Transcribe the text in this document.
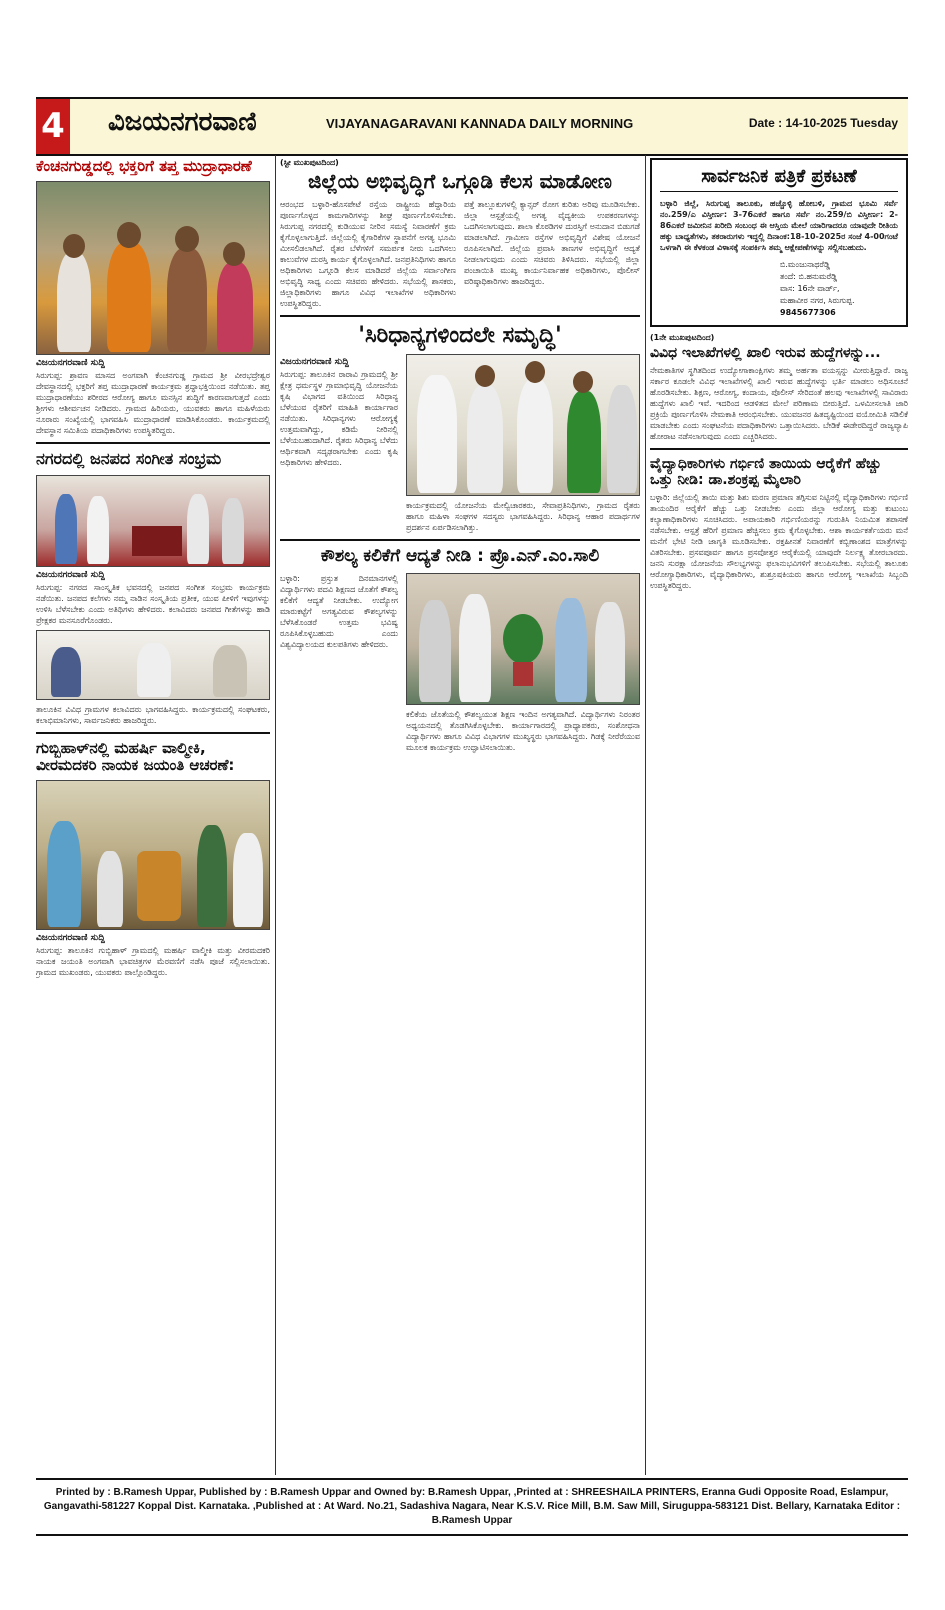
4 ವಿಜಯನಗರವಾಣಿ	VIJAYANAGARAVANI KANNADA DAILY MORNING	Date : 14-10-2025 Tuesday
ಕೆಂಚನಗುಡ್ಡದಲ್ಲಿ ಭಕ್ತರಿಗೆ ತಪ್ತ ಮುದ್ರಾಧಾರಣೆ
ವಿಜಯನಗರವಾಣಿ ಸುದ್ದಿ
ಸಿರುಗುಪ್ಪ: ಶ್ರಾವಣ ಮಾಸದ ಅಂಗವಾಗಿ ಕೆಂಚನಗುಡ್ಡ ಗ್ರಾಮದ ಶ್ರೀ ವೀರಭದ್ರೇಶ್ವರ ದೇವಸ್ಥಾನದಲ್ಲಿ ಭಕ್ತರಿಗೆ ತಪ್ತ ಮುದ್ರಾಧಾರಣೆ ಕಾರ್ಯಕ್ರಮ ಶ್ರದ್ಧಾಭಕ್ತಿಯಿಂದ ನಡೆಯಿತು. ತಪ್ತ ಮುದ್ರಾಧಾರಣೆಯು ಶರೀರದ ಆರೋಗ್ಯ ಹಾಗೂ ಮನಸ್ಸಿನ ಶುದ್ಧಿಗೆ ಕಾರಣವಾಗುತ್ತದೆ ಎಂದು ಶ್ರೀಗಳು ಆಶೀರ್ವಚನ ನೀಡಿದರು. ಗ್ರಾಮದ ಹಿರಿಯರು, ಯುವಕರು ಹಾಗೂ ಮಹಿಳೆಯರು ನೂರಾರು ಸಂಖ್ಯೆಯಲ್ಲಿ ಭಾಗವಹಿಸಿ ಮುದ್ರಾಧಾರಣೆ ಮಾಡಿಸಿಕೊಂಡರು. ಕಾರ್ಯಕ್ರಮದಲ್ಲಿ ದೇವಸ್ಥಾನ ಸಮಿತಿಯ ಪದಾಧಿಕಾರಿಗಳು ಉಪಸ್ಥಿತರಿದ್ದರು.
ನಗರದಲ್ಲಿ ಜನಪದ ಸಂಗೀತ ಸಂಭ್ರಮ
ವಿಜಯನಗರವಾಣಿ ಸುದ್ದಿ
ಸಿರುಗುಪ್ಪ: ನಗರದ ಸಾಂಸ್ಕೃತಿಕ ಭವನದಲ್ಲಿ ಜನಪದ ಸಂಗೀತ ಸಂಭ್ರಮ ಕಾರ್ಯಕ್ರಮ ನಡೆಯಿತು. ಜನಪದ ಕಲೆಗಳು ನಮ್ಮ ನಾಡಿನ ಸಂಸ್ಕೃತಿಯ ಪ್ರತೀಕ, ಯುವ ಪೀಳಿಗೆ ಇವುಗಳನ್ನು ಉಳಿಸಿ ಬೆಳೆಸಬೇಕು ಎಂದು ಅತಿಥಿಗಳು ಹೇಳಿದರು. ಕಲಾವಿದರು ಜನಪದ ಗೀತೆಗಳನ್ನು ಹಾಡಿ ಪ್ರೇಕ್ಷಕರ ಮನಸೂರೆಗೊಂಡರು.
ತಾಲೂಕಿನ ವಿವಿಧ ಗ್ರಾಮಗಳ ಕಲಾವಿದರು ಭಾಗವಹಿಸಿದ್ದರು. ಕಾರ್ಯಕ್ರಮದಲ್ಲಿ ಸಂಘಟಕರು, ಕಲಾಭಿಮಾನಿಗಳು, ಸಾರ್ವಜನಿಕರು ಹಾಜರಿದ್ದರು.
ಗುಬ್ಬಿಹಾಳ್‌ನಲ್ಲಿ ಮಹರ್ಷಿ ವಾಲ್ಮೀಕಿ, ವೀರಮದಕರಿ ನಾಯಕ ಜಯಂತಿ ಆಚರಣೆ:
ವಿಜಯನಗರವಾಣಿ ಸುದ್ದಿ
ಸಿರುಗುಪ್ಪ: ತಾಲೂಕಿನ ಗುಬ್ಬಿಹಾಳ್ ಗ್ರಾಮದಲ್ಲಿ ಮಹರ್ಷಿ ವಾಲ್ಮೀಕಿ ಮತ್ತು ವೀರಮದಕರಿ ನಾಯಕ ಜಯಂತಿ ಅಂಗವಾಗಿ ಭಾವಚಿತ್ರಗಳ ಮೆರವಣಿಗೆ ನಡೆಸಿ ಪೂಜೆ ಸಲ್ಲಿಸಲಾಯಿತು. ಗ್ರಾಮದ ಮುಖಂಡರು, ಯುವಕರು ಪಾಲ್ಗೊಂಡಿದ್ದರು.
(ಸ್ಟೀ ಮುಖಪುಟದಿಂದ)
ಜಿಲ್ಲೆಯ ಅಭಿವೃದ್ಧಿಗೆ ಒಗ್ಗೂಡಿ ಕೆಲಸ ಮಾಡೋಣ
ಆರಂಭದ ಬಳ್ಳಾರಿ-ಹೊಸಪೇಟೆ ರಸ್ತೆಯ ರಾಷ್ಟ್ರೀಯ ಹೆದ್ದಾರಿಯ ಪೂರ್ಣಗೊಳ್ಳದ ಕಾಮಗಾರಿಗಳನ್ನು ಶೀಘ್ರ ಪೂರ್ಣಗೊಳಿಸಬೇಕು. ಸಿರುಗುಪ್ಪ ನಗರದಲ್ಲಿ ಕುಡಿಯುವ ನೀರಿನ ಸಮಸ್ಯೆ ನಿವಾರಣೆಗೆ ಕ್ರಮ ಕೈಗೊಳ್ಳಲಾಗುತ್ತಿದೆ. ಜಿಲ್ಲೆಯಲ್ಲಿ ಕೈಗಾರಿಕೆಗಳ ಸ್ಥಾಪನೆಗೆ ಅಗತ್ಯ ಭೂಮಿ ಮೀಸಲಿಡಲಾಗಿದೆ. ರೈತರ ಬೆಳೆಗಳಿಗೆ ಸಮರ್ಪಕ ನೀರು ಒದಗಿಸಲು ಕಾಲುವೆಗಳ ದುರಸ್ತಿ ಕಾರ್ಯ ಕೈಗೊಳ್ಳಲಾಗಿದೆ. ಜನಪ್ರತಿನಿಧಿಗಳು ಹಾಗೂ ಅಧಿಕಾರಿಗಳು ಒಗ್ಗೂಡಿ ಕೆಲಸ ಮಾಡಿದರೆ ಜಿಲ್ಲೆಯ ಸರ್ವಾಂಗೀಣ ಅಭಿವೃದ್ಧಿ ಸಾಧ್ಯ ಎಂದು ಸಚಿವರು ಹೇಳಿದರು. ಸಭೆಯಲ್ಲಿ ಶಾಸಕರು, ಜಿಲ್ಲಾಧಿಕಾರಿಗಳು ಹಾಗೂ ವಿವಿಧ ಇಲಾಖೆಗಳ ಅಧಿಕಾರಿಗಳು ಉಪಸ್ಥಿತರಿದ್ದರು.
ಪತ್ತೆ ತಾಲ್ಲೂಕುಗಳಲ್ಲಿ ಕ್ಯಾನ್ಸರ್ ರೋಗ ಕುರಿತು ಅರಿವು ಮೂಡಿಸಬೇಕು. ಜಿಲ್ಲಾ ಆಸ್ಪತ್ರೆಯಲ್ಲಿ ಅಗತ್ಯ ವೈದ್ಯಕೀಯ ಉಪಕರಣಗಳನ್ನು ಒದಗಿಸಲಾಗುವುದು. ಶಾಲಾ ಕೊಠಡಿಗಳ ದುರಸ್ತಿಗೆ ಅನುದಾನ ಬಿಡುಗಡೆ ಮಾಡಲಾಗಿದೆ. ಗ್ರಾಮೀಣ ರಸ್ತೆಗಳ ಅಭಿವೃದ್ಧಿಗೆ ವಿಶೇಷ ಯೋಜನೆ ರೂಪಿಸಲಾಗಿದೆ. ಜಿಲ್ಲೆಯ ಪ್ರವಾಸಿ ತಾಣಗಳ ಅಭಿವೃದ್ಧಿಗೆ ಆದ್ಯತೆ ನೀಡಲಾಗುವುದು ಎಂದು ಸಚಿವರು ತಿಳಿಸಿದರು. ಸಭೆಯಲ್ಲಿ ಜಿಲ್ಲಾ ಪಂಚಾಯಿತಿ ಮುಖ್ಯ ಕಾರ್ಯನಿರ್ವಾಹಕ ಅಧಿಕಾರಿಗಳು, ಪೊಲೀಸ್ ವರಿಷ್ಠಾಧಿಕಾರಿಗಳು ಹಾಜರಿದ್ದರು.
'ಸಿರಿಧಾನ್ಯಗಳಿಂದಲೇ ಸಮೃದ್ಧಿ'
ವಿಜಯನಗರವಾಣಿ ಸುದ್ದಿ
ಸಿರುಗುಪ್ಪ: ತಾಲೂಕಿನ ರಾರಾವಿ ಗ್ರಾಮದಲ್ಲಿ ಶ್ರೀ ಕ್ಷೇತ್ರ ಧರ್ಮಸ್ಥಳ ಗ್ರಾಮಾಭಿವೃದ್ಧಿ ಯೋಜನೆಯ ಕೃಷಿ ವಿಭಾಗದ ವತಿಯಿಂದ ಸಿರಿಧಾನ್ಯ ಬೆಳೆಯುವ ರೈತರಿಗೆ ಮಾಹಿತಿ ಕಾರ್ಯಾಗಾರ ನಡೆಯಿತು. ಸಿರಿಧಾನ್ಯಗಳು ಆರೋಗ್ಯಕ್ಕೆ ಉತ್ತಮವಾಗಿದ್ದು, ಕಡಿಮೆ ನೀರಿನಲ್ಲಿ ಬೆಳೆಯಬಹುದಾಗಿದೆ. ರೈತರು ಸಿರಿಧಾನ್ಯ ಬೆಳೆದು ಆರ್ಥಿಕವಾಗಿ ಸದೃಢರಾಗಬೇಕು ಎಂದು ಕೃಷಿ ಅಧಿಕಾರಿಗಳು ಹೇಳಿದರು.
ಕಾರ್ಯಕ್ರಮದಲ್ಲಿ ಯೋಜನೆಯ ಮೇಲ್ವಿಚಾರಕರು, ಸೇವಾಪ್ರತಿನಿಧಿಗಳು, ಗ್ರಾಮದ ರೈತರು ಹಾಗೂ ಮಹಿಳಾ ಸಂಘಗಳ ಸದಸ್ಯರು ಭಾಗವಹಿಸಿದ್ದರು. ಸಿರಿಧಾನ್ಯ ಆಹಾರ ಪದಾರ್ಥಗಳ ಪ್ರದರ್ಶನ ಏರ್ಪಡಿಸಲಾಗಿತ್ತು.
ಕೌಶಲ್ಯ ಕಲಿಕೆಗೆ ಆದ್ಯತೆ ನೀಡಿ : ಪ್ರೊ.ಎನ್.ಎಂ.ಸಾಲಿ
ಬಳ್ಳಾರಿ: ಪ್ರಸ್ತುತ ದಿನಮಾನಗಳಲ್ಲಿ ವಿದ್ಯಾರ್ಥಿಗಳು ಪದವಿ ಶಿಕ್ಷಣದ ಜೊತೆಗೆ ಕೌಶಲ್ಯ ಕಲಿಕೆಗೆ ಆದ್ಯತೆ ನೀಡಬೇಕು. ಉದ್ಯೋಗ ಮಾರುಕಟ್ಟೆಗೆ ಅಗತ್ಯವಿರುವ ಕೌಶಲ್ಯಗಳನ್ನು ಬೆಳೆಸಿಕೊಂಡರೆ ಉತ್ತಮ ಭವಿಷ್ಯ ರೂಪಿಸಿಕೊಳ್ಳಬಹುದು ಎಂದು ವಿಶ್ವವಿದ್ಯಾಲಯದ ಕುಲಪತಿಗಳು ಹೇಳಿದರು.
ಕಲಿಕೆಯ ಜೊತೆಯಲ್ಲಿ ಕೌಶಲ್ಯಯುತ ಶಿಕ್ಷಣ ಇಂದಿನ ಅಗತ್ಯವಾಗಿದೆ. ವಿದ್ಯಾರ್ಥಿಗಳು ನಿರಂತರ ಅಧ್ಯಯನದಲ್ಲಿ ತೊಡಗಿಸಿಕೊಳ್ಳಬೇಕು. ಕಾರ್ಯಾಗಾರದಲ್ಲಿ ಪ್ರಾಧ್ಯಾಪಕರು, ಸಂಶೋಧನಾ ವಿದ್ಯಾರ್ಥಿಗಳು ಹಾಗೂ ವಿವಿಧ ವಿಭಾಗಗಳ ಮುಖ್ಯಸ್ಥರು ಭಾಗವಹಿಸಿದ್ದರು. ಗಿಡಕ್ಕೆ ನೀರೆರೆಯುವ ಮೂಲಕ ಕಾರ್ಯಕ್ರಮ ಉದ್ಘಾಟಿಸಲಾಯಿತು.
ಸಾರ್ವಜನಿಕ ಪತ್ರಿಕೆ ಪ್ರಕಟಣೆ
ಬಳ್ಳಾರಿ ಜಿಲ್ಲೆ, ಸಿರುಗುಪ್ಪ ತಾಲೂಕು, ಹಚ್ಚೊಳ್ಳಿ ಹೋಬಳಿ, ಗ್ರಾಮದ ಭೂಮಿ ಸರ್ವೆ ನಂ.259/ಎ ವಿಸ್ತೀರ್ಣ: 3-76ಎಕರೆ ಹಾಗೂ ಸರ್ವೆ ನಂ.259/ಬಿ ವಿಸ್ತೀರ್ಣ: 2-86ಎಕರೆ ಜಮೀನಿನ ಖರೀದಿ ಸಂಬಂಧ ಈ ಆಸ್ತಿಯ ಮೇಲೆ ಯಾರಿಗಾದರೂ ಯಾವುದೇ ರೀತಿಯ ಹಕ್ಕು ಬಾಧ್ಯತೆಗಳು, ತಕರಾರುಗಳು ಇದ್ದಲ್ಲಿ ದಿನಾಂಕ:18-10-2025ರ ಸಂಜೆ 4-00ಗಂಟೆ ಒಳಗಾಗಿ ಈ ಕೆಳಕಂಡ ವಿಳಾಸಕ್ಕೆ ಸಂಪರ್ಕಿಸಿ ತಮ್ಮ ಆಕ್ಷೇಪಣೆಗಳನ್ನು ಸಲ್ಲಿಸಬಹುದು.
ಬಿ.ಮಂಜುನಾಥರೆಡ್ಡಿ
ತಂದೆ: ಬಿ.ಹನುಮರೆಡ್ಡಿ
ವಾಸ: 16ನೇ ವಾರ್ಡ್,
ಮಹಾವೀರ ನಗರ, ಸಿರುಗುಪ್ಪ.
9845677306
(1ನೇ ಮುಖಪುಟದಿಂದ)
ವಿವಿಧ ಇಲಾಖೆಗಳಲ್ಲಿ ಖಾಲಿ ಇರುವ ಹುದ್ದೆಗಳನ್ನು...
ನೇಮಕಾತಿಗಳ ಸ್ಥಗಿತದಿಂದ ಉದ್ಯೋಗಾಕಾಂಕ್ಷಿಗಳು ತಮ್ಮ ಅರ್ಹತಾ ವಯಸ್ಸನ್ನು ಮೀರುತ್ತಿದ್ದಾರೆ. ರಾಜ್ಯ ಸರ್ಕಾರ ಕೂಡಲೇ ವಿವಿಧ ಇಲಾಖೆಗಳಲ್ಲಿ ಖಾಲಿ ಇರುವ ಹುದ್ದೆಗಳನ್ನು ಭರ್ತಿ ಮಾಡಲು ಅಧಿಸೂಚನೆ ಹೊರಡಿಸಬೇಕು. ಶಿಕ್ಷಣ, ಆರೋಗ್ಯ, ಕಂದಾಯ, ಪೊಲೀಸ್ ಸೇರಿದಂತೆ ಹಲವು ಇಲಾಖೆಗಳಲ್ಲಿ ಸಾವಿರಾರು ಹುದ್ದೆಗಳು ಖಾಲಿ ಇವೆ. ಇದರಿಂದ ಆಡಳಿತದ ಮೇಲೆ ಪರಿಣಾಮ ಬೀರುತ್ತಿದೆ. ಒಳಮೀಸಲಾತಿ ಜಾರಿ ಪ್ರಕ್ರಿಯೆ ಪೂರ್ಣಗೊಳಿಸಿ ನೇಮಕಾತಿ ಆರಂಭಿಸಬೇಕು. ಯುವಜನರ ಹಿತದೃಷ್ಟಿಯಿಂದ ವಯೋಮಿತಿ ಸಡಿಲಿಕೆ ಮಾಡಬೇಕು ಎಂದು ಸಂಘಟನೆಯ ಪದಾಧಿಕಾರಿಗಳು ಒತ್ತಾಯಿಸಿದರು. ಬೇಡಿಕೆ ಈಡೇರದಿದ್ದರೆ ರಾಜ್ಯವ್ಯಾಪಿ ಹೋರಾಟ ನಡೆಸಲಾಗುವುದು ಎಂದು ಎಚ್ಚರಿಸಿದರು.
ವೈದ್ಯಾಧಿಕಾರಿಗಳು ಗರ್ಭಿಣಿ ತಾಯಿಯ ಆರೈಕೆಗೆ ಹೆಚ್ಚು ಒತ್ತು ನೀಡಿ: ಡಾ.ಶಂಕ್ರಪ್ಪ ಮೈಲಾರಿ
ಬಳ್ಳಾರಿ: ಜಿಲ್ಲೆಯಲ್ಲಿ ತಾಯಿ ಮತ್ತು ಶಿಶು ಮರಣ ಪ್ರಮಾಣ ತಗ್ಗಿಸುವ ನಿಟ್ಟಿನಲ್ಲಿ ವೈದ್ಯಾಧಿಕಾರಿಗಳು ಗರ್ಭಿಣಿ ತಾಯಂದಿರ ಆರೈಕೆಗೆ ಹೆಚ್ಚು ಒತ್ತು ನೀಡಬೇಕು ಎಂದು ಜಿಲ್ಲಾ ಆರೋಗ್ಯ ಮತ್ತು ಕುಟುಂಬ ಕಲ್ಯಾಣಾಧಿಕಾರಿಗಳು ಸೂಚಿಸಿದರು. ಅಪಾಯಕಾರಿ ಗರ್ಭಿಣಿಯರನ್ನು ಗುರುತಿಸಿ ನಿಯಮಿತ ತಪಾಸಣೆ ನಡೆಸಬೇಕು. ಆಸ್ಪತ್ರೆ ಹೆರಿಗೆ ಪ್ರಮಾಣ ಹೆಚ್ಚಿಸಲು ಕ್ರಮ ಕೈಗೊಳ್ಳಬೇಕು. ಆಶಾ ಕಾರ್ಯಕರ್ತೆಯರು ಮನೆ ಮನೆಗೆ ಭೇಟಿ ನೀಡಿ ಜಾಗೃತಿ ಮೂಡಿಸಬೇಕು. ರಕ್ತಹೀನತೆ ನಿವಾರಣೆಗೆ ಕಬ್ಬಿಣಾಂಶದ ಮಾತ್ರೆಗಳನ್ನು ವಿತರಿಸಬೇಕು. ಪ್ರಸವಪೂರ್ವ ಹಾಗೂ ಪ್ರಸವೋತ್ತರ ಆರೈಕೆಯಲ್ಲಿ ಯಾವುದೇ ನಿರ್ಲಕ್ಷ್ಯ ತೋರಬಾರದು. ಜನನಿ ಸುರಕ್ಷಾ ಯೋಜನೆಯ ಸೌಲಭ್ಯಗಳನ್ನು ಫಲಾನುಭವಿಗಳಿಗೆ ತಲುಪಿಸಬೇಕು. ಸಭೆಯಲ್ಲಿ ತಾಲೂಕು ಆರೋಗ್ಯಾಧಿಕಾರಿಗಳು, ವೈದ್ಯಾಧಿಕಾರಿಗಳು, ಶುಶ್ರೂಷಕಿಯರು ಹಾಗೂ ಆರೋಗ್ಯ ಇಲಾಖೆಯ ಸಿಬ್ಬಂದಿ ಉಪಸ್ಥಿತರಿದ್ದರು.
Printed by : B.Ramesh Uppar, Published by : B.Ramesh Uppar and Owned by: B.Ramesh Uppar, ,Printed at : SHREESHAILA PRINTERS, Eranna Gudi Opposite Road, Eslampur, Gangavathi-581227 Koppal Dist. Karnataka. ,Published at : At Ward. No.21, Sadashiva Nagara, Near K.S.V. Rice Mill, B.M. Saw Mill, Siruguppa-583121 Dist. Bellary, Karnataka Editor : B.Ramesh Uppar
